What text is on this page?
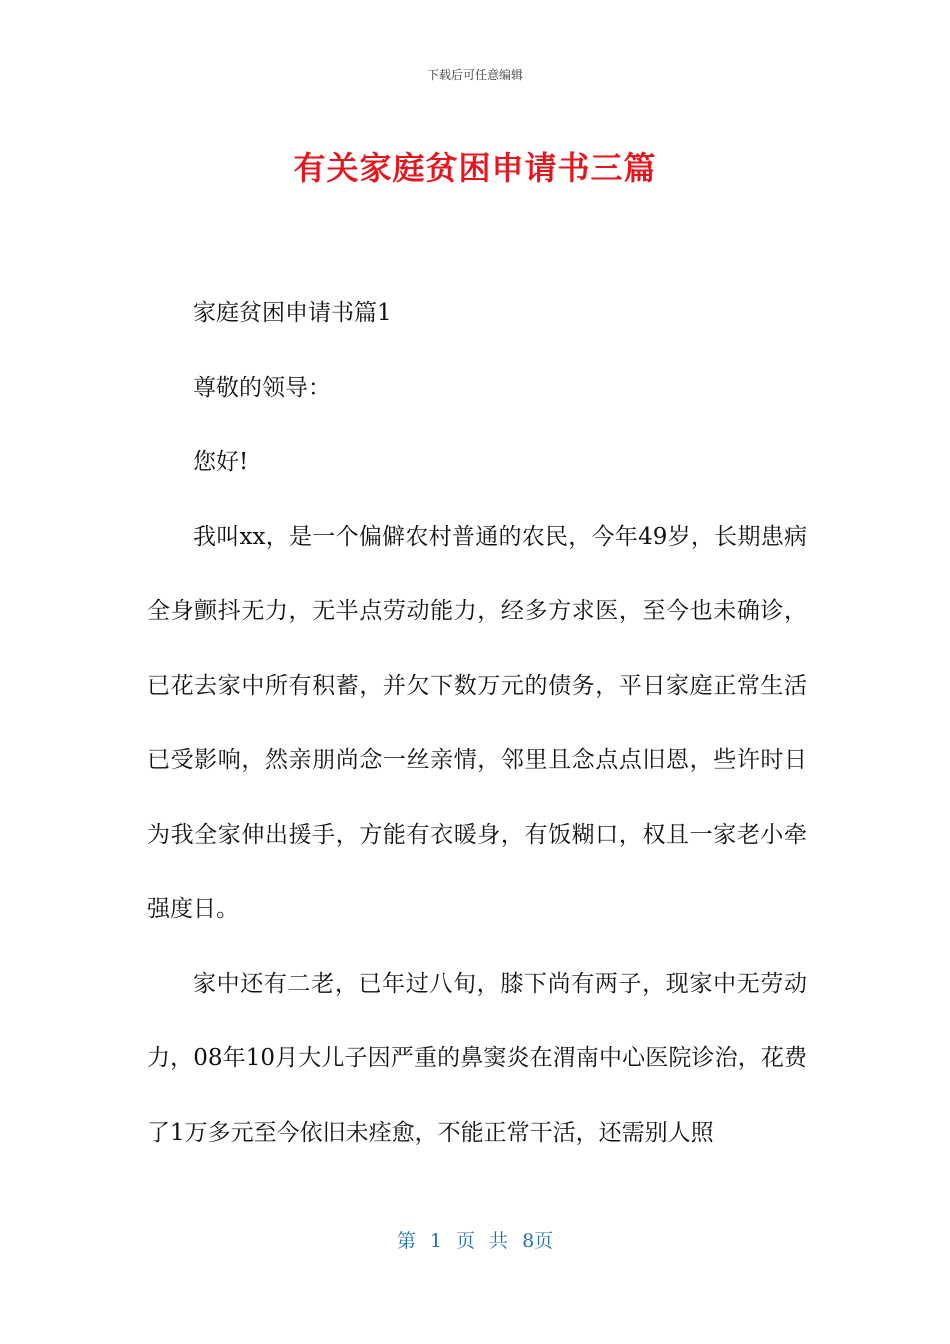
下载后可任意编辑
有关家庭贫困申请书三篇

家庭贫困申请书篇1

尊敬的领导：

您好!

我叫xx，是一个偏僻农村普通的农民，今年49岁，长期患病全身颤抖无力，无半点劳动能力，经多方求医，至今也未确诊，已花去家中所有积蓄，并欠下数万元的债务，平日家庭正常生活已受影响，然亲朋尚念一丝亲情，邻里且念点点旧恩，些许时日为我全家伸出援手，方能有衣暖身，有饭糊口，权且一家老小牵强度日。

家中还有二老，已年过八旬，膝下尚有两子，现家中无劳动力，08年10月大儿子因严重的鼻窦炎在渭南中心医院诊治，花费了1万多元至今依旧未痊愈，不能正常干活，还需别人照

第 1 页 共 8页
